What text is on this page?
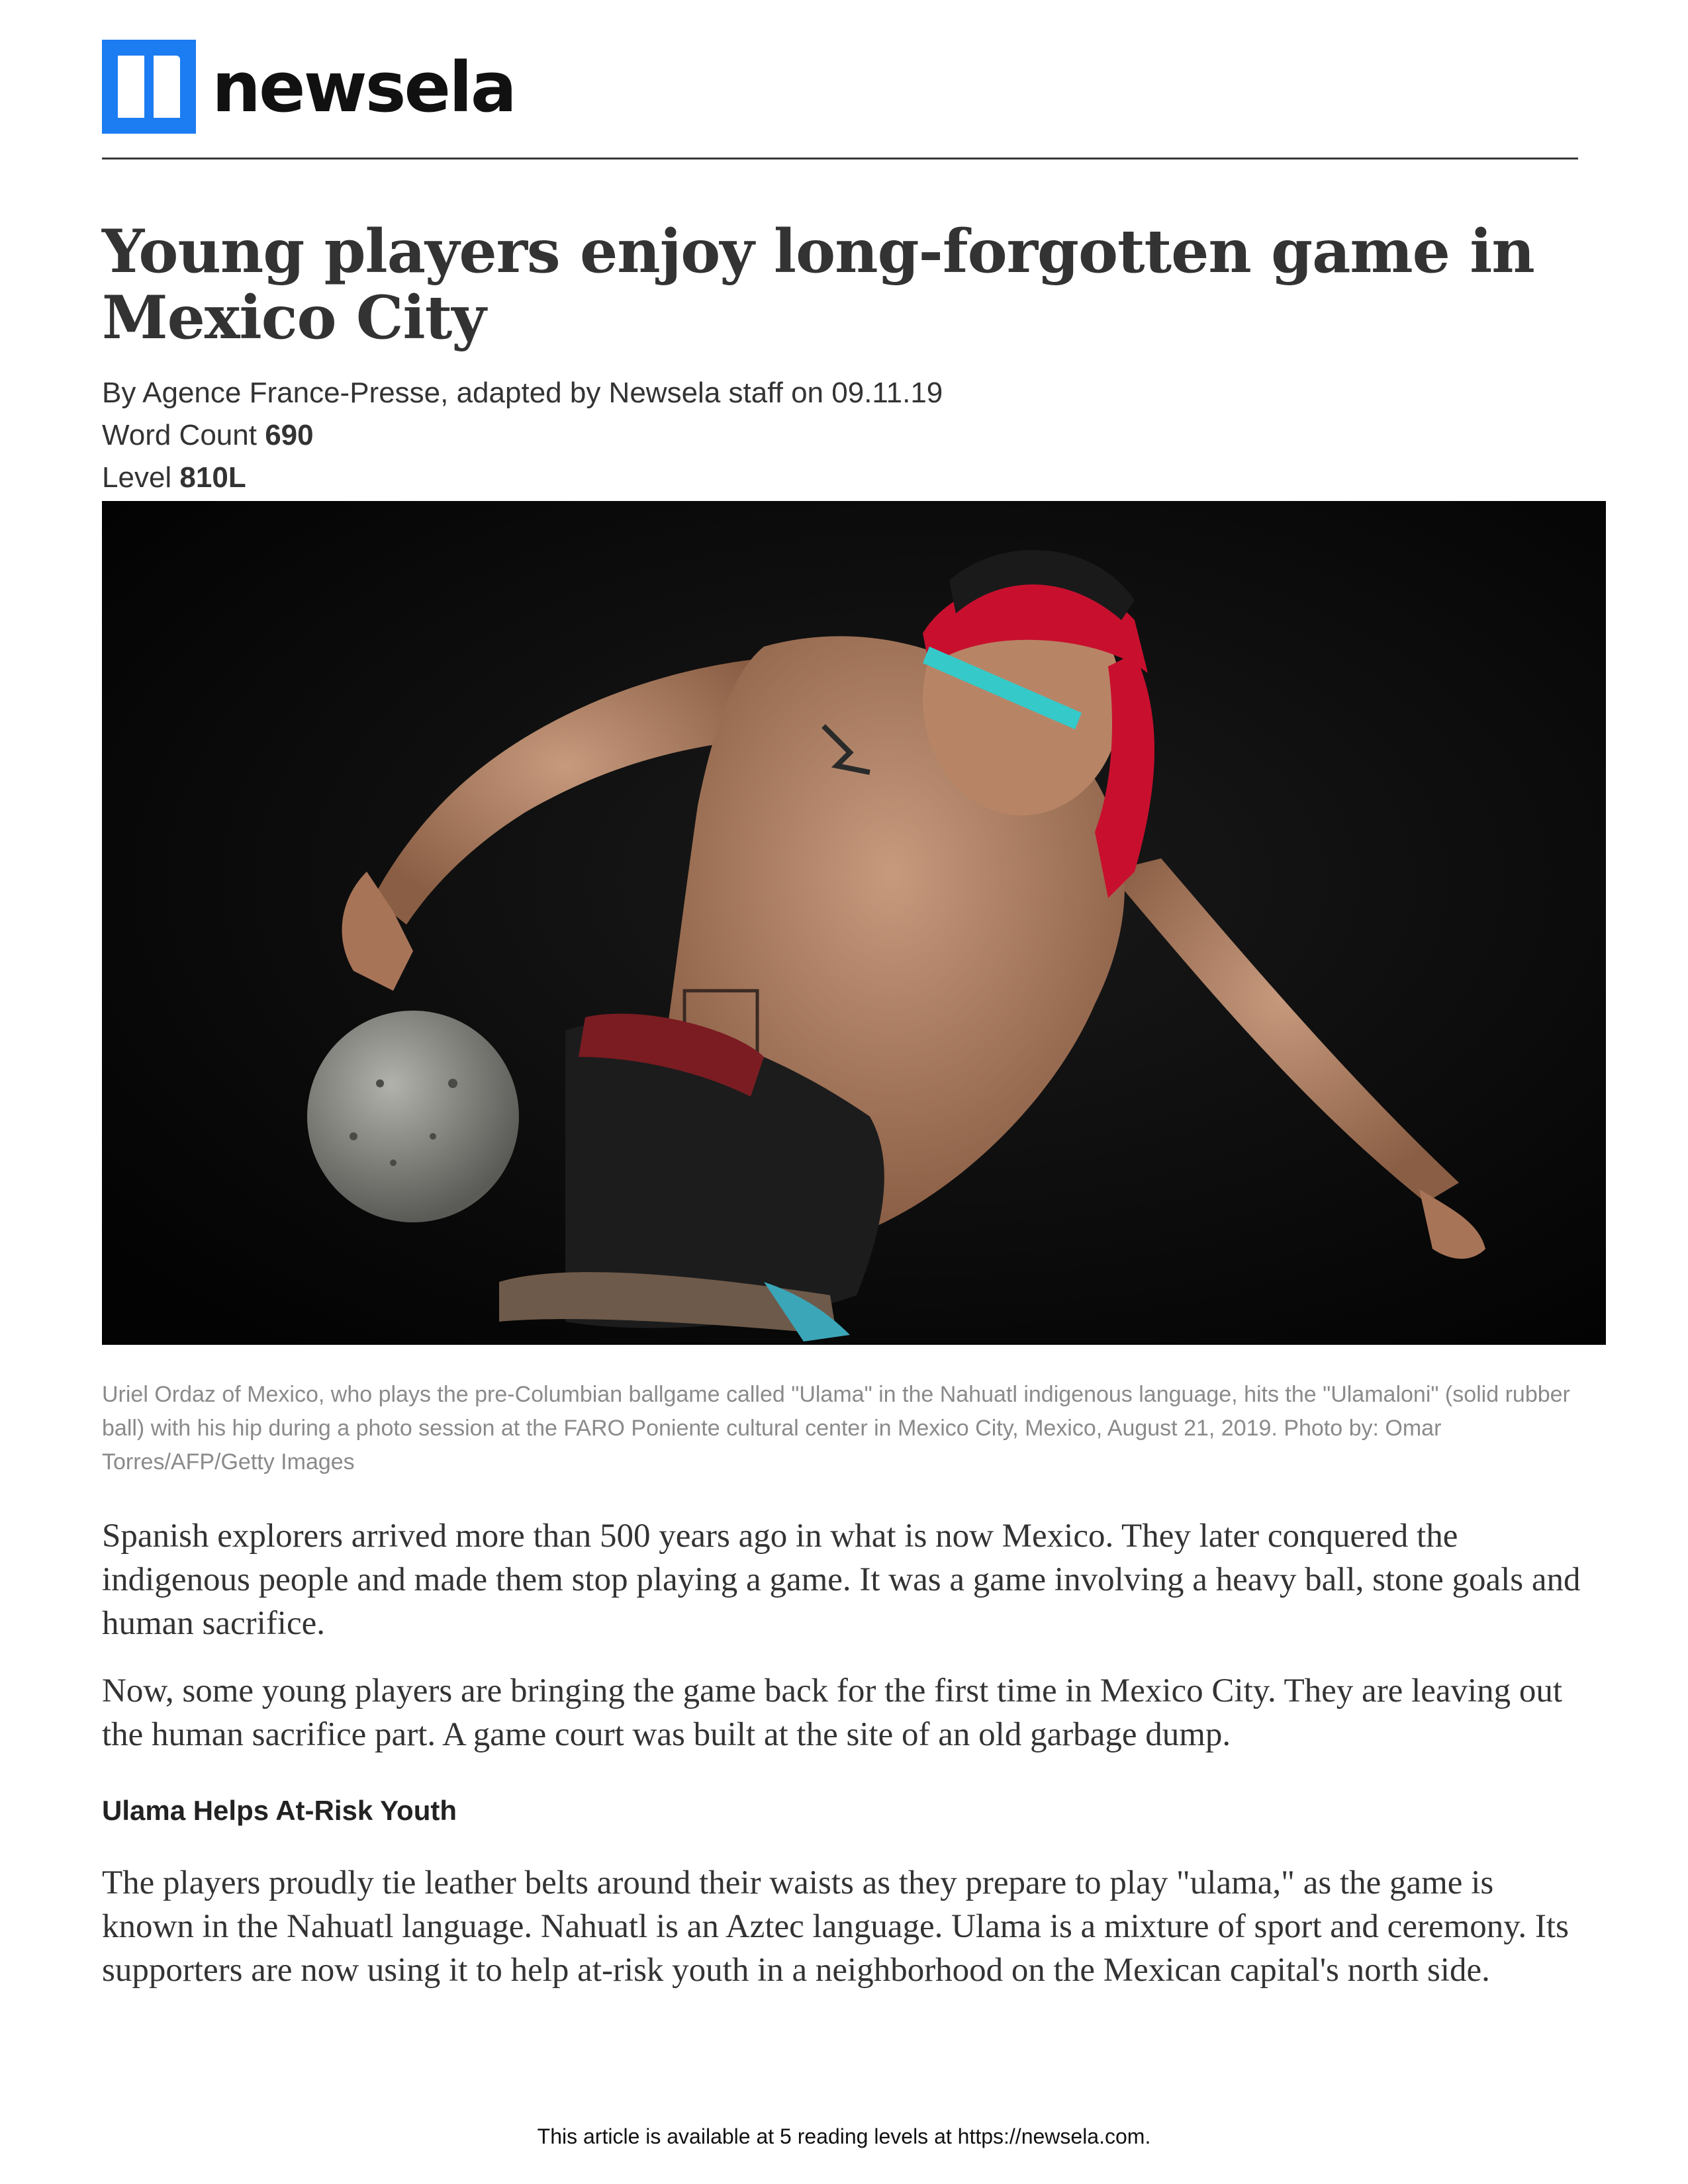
newsela
Young players enjoy long-forgotten game in Mexico City
By Agence France-Presse, adapted by Newsela staff on 09.11.19
Word Count 690
Level 810L
Uriel Ordaz of Mexico, who plays the pre-Columbian ballgame called "Ulama" in the Nahuatl indigenous language, hits the "Ulamaloni" (solid rubber ball) with his hip during a photo session at the FARO Poniente cultural center in Mexico City, Mexico, August 21, 2019. Photo by: Omar Torres/AFP/Getty Images

Spanish explorers arrived more than 500 years ago in what is now Mexico. They later conquered the indigenous people and made them stop playing a game. It was a game involving a heavy ball, stone goals and human sacrifice.

Now, some young players are bringing the game back for the first time in Mexico City. They are leaving out the human sacrifice part. A game court was built at the site of an old garbage dump.

Ulama Helps At-Risk Youth

The players proudly tie leather belts around their waists as they prepare to play "ulama," as the game is known in the Nahuatl language. Nahuatl is an Aztec language. Ulama is a mixture of sport and ceremony. Its supporters are now using it to help at-risk youth in a neighborhood on the Mexican capital's north side.

This article is available at 5 reading levels at https://newsela.com.
